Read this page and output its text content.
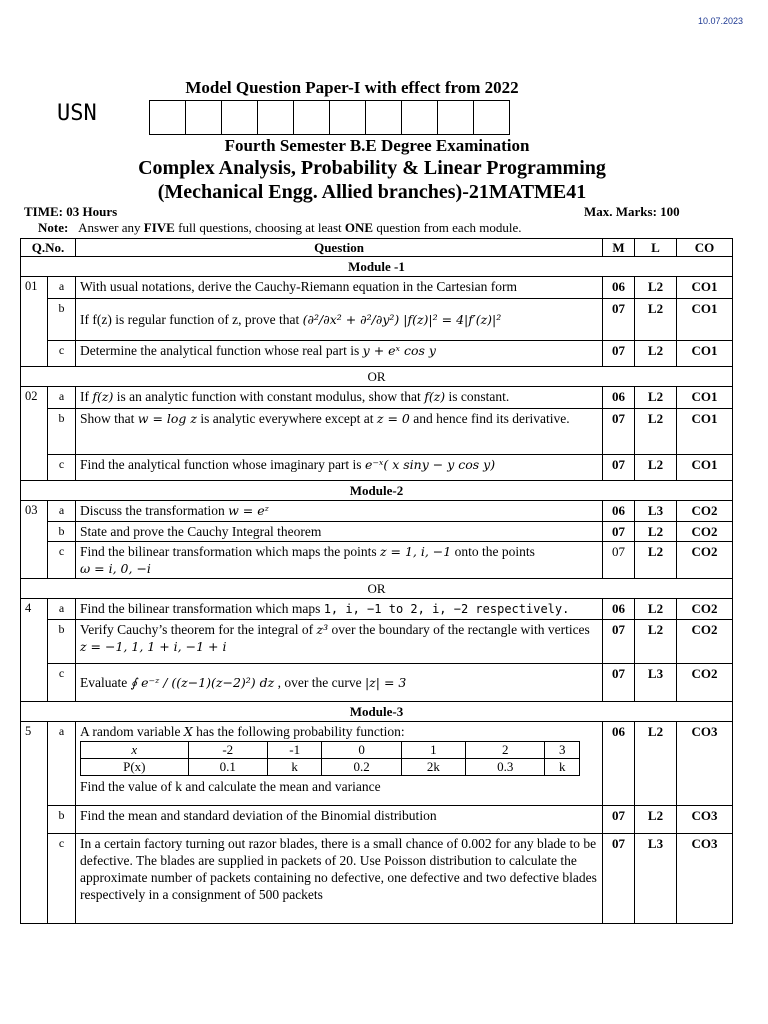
10.07.2023
Model Question Paper-I with effect from 2022
USN
Fourth Semester B.E Degree Examination
Complex Analysis, Probability & Linear Programming
(Mechanical Engg. Allied branches)-21MATME41
TIME: 03 Hours	Max. Marks: 100
Note: Answer any FIVE full questions, choosing at least ONE question from each module.
Q.No.	Question	M	L	CO
Module -1
01	a	With usual notations, derive the Cauchy-Riemann equation in the Cartesian form	06	L2	CO1
b	If f(z) is regular function of z, prove that (∂²/∂x² + ∂²/∂y²) |f(z)|² = 4|f′(z)|²	07	L2	CO1
c	Determine the analytical function whose real part is y + eˣ cos y	07	L2	CO1
OR
02	a	If f(z) is an analytic function with constant modulus, show that f(z) is constant.	06	L2	CO1
b	Show that w = log z is analytic everywhere except at z = 0 and hence find its derivative.	07	L2	CO1
c	Find the analytical function whose imaginary part is e⁻ˣ( x siny − y cos y)	07	L2	CO1
Module-2
03	a	Discuss the transformation w = eᶻ	06	L3	CO2
b	State and prove the Cauchy Integral theorem	07	L2	CO2
c	Find the bilinear transformation which maps the points z = 1, i, −1 onto the points
ω = i, 0, −i	07	L2	CO2
OR
4	a	Find the bilinear transformation which maps 1, i, −1 to 2, i, −2 respectively.	06	L2	CO2
b	Verify Cauchy’s theorem for the integral of z³ over the boundary of the rectangle with vertices z = −1, 1, 1 + i, −1 + i	07	L2	CO2
c	Evaluate ∮ e⁻ᶻ / ((z−1)(z−2)²) dz , over the curve |z| = 3	07	L3	CO2
Module-3
5	a	A random variable X has the following probability function:
x	-2	-1	0	1	2	3
P(x)	0.1	k	0.2	2k	0.3	k
Find the value of k and calculate the mean and variance	06	L2	CO3
b	Find the mean and standard deviation of the Binomial distribution	07	L2	CO3
c	In a certain factory turning out razor blades, there is a small chance of 0.002 for any blade to be defective. The blades are supplied in packets of 20. Use Poisson distribution to calculate the approximate number of packets containing no defective, one defective and two defective blades respectively in a consignment of 500 packets	07	L3	CO3
